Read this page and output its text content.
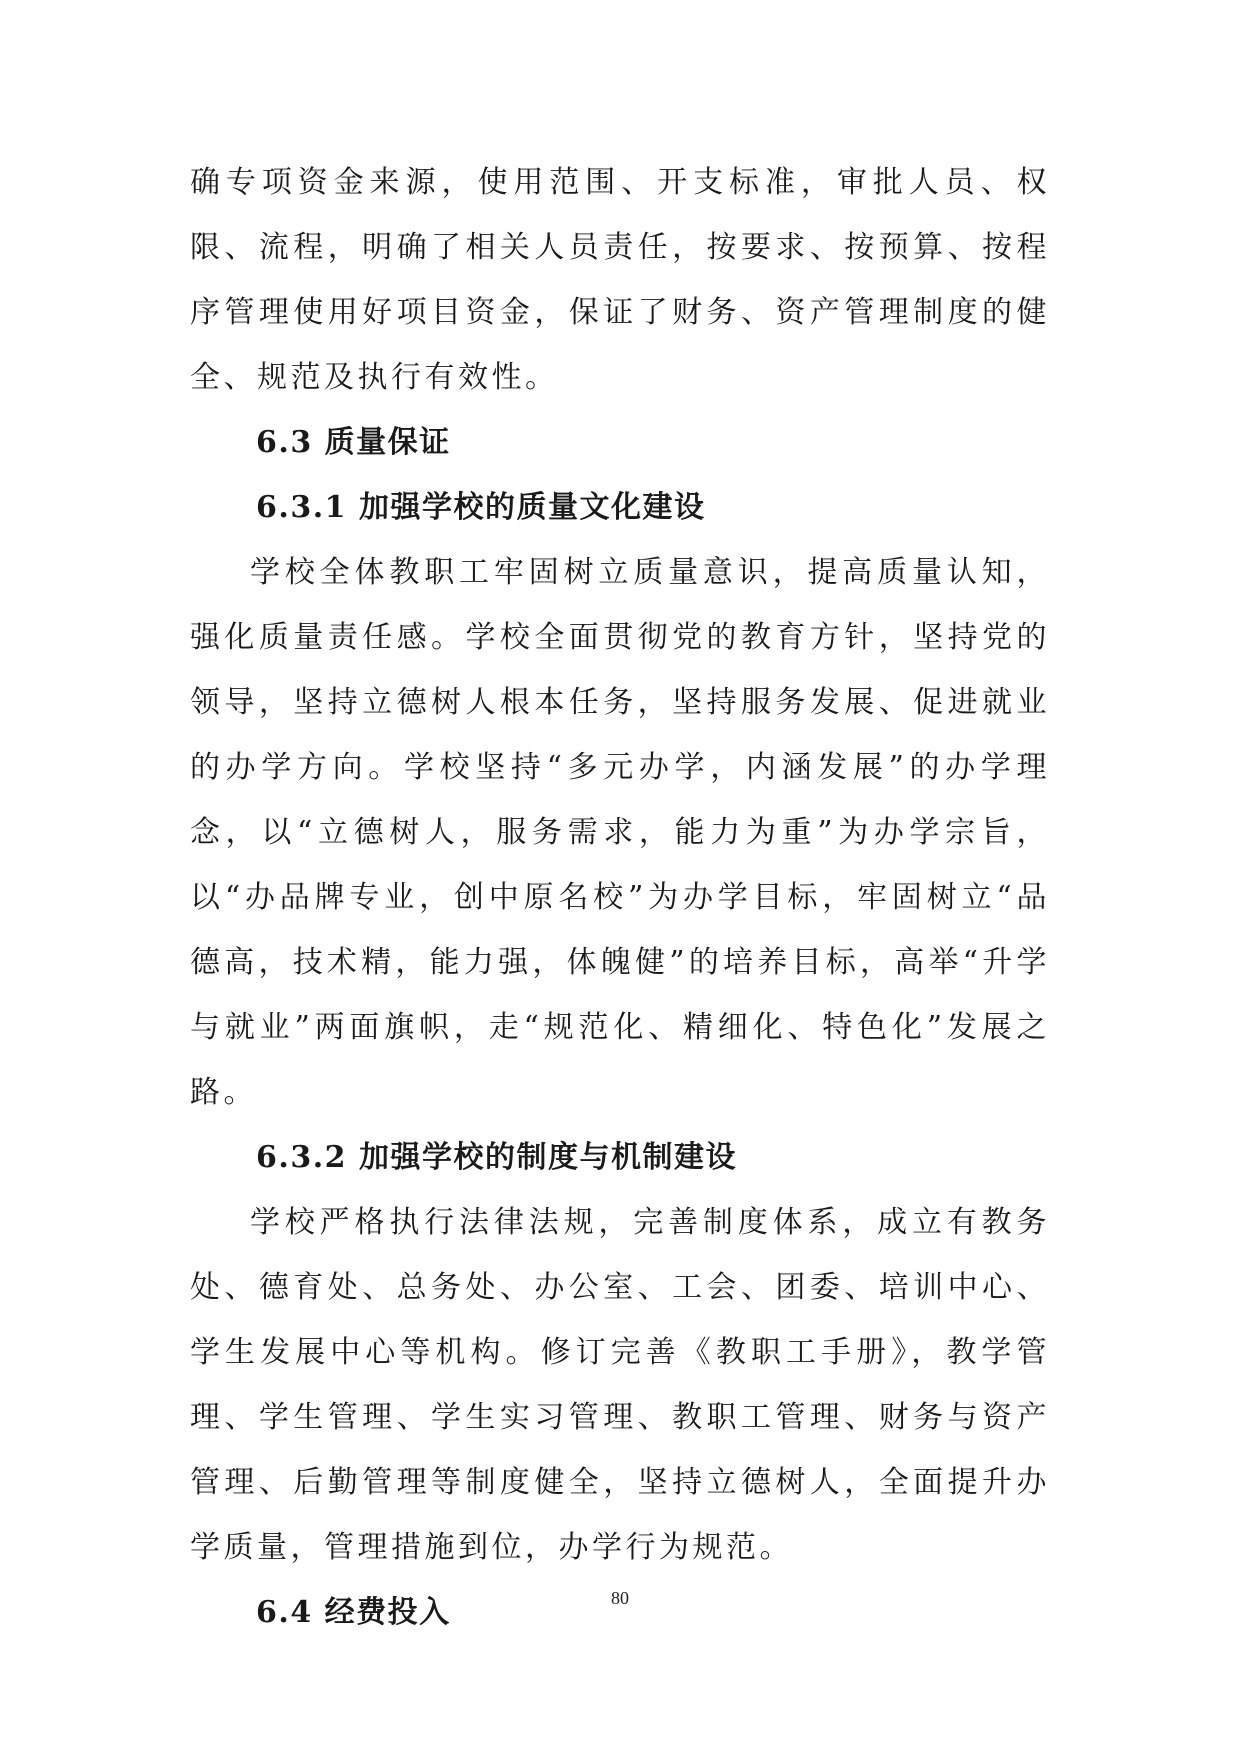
确专项资金来源，使用范围、开支标准，审批人员、权限、流程，明确了相关人员责任，按要求、按预算、按程序管理使用好项目资金，保证了财务、资产管理制度的健全、规范及执行有效性。

6.3 质量保证
6.3.1 加强学校的质量文化建设

学校全体教职工牢固树立质量意识，提高质量认知，强化质量责任感。学校全面贯彻党的教育方针，坚持党的领导，坚持立德树人根本任务，坚持服务发展、促进就业的办学方向。学校坚持“多元办学，内涵发展”的办学理念，以“立德树人，服务需求，能力为重”为办学宗旨，以“办品牌专业，创中原名校”为办学目标，牢固树立“品德高，技术精，能力强，体魄健”的培养目标，高举“升学与就业”两面旗帜，走“规范化、精细化、特色化”发展之路。

6.3.2 加强学校的制度与机制建设

学校严格执行法律法规，完善制度体系，成立有教务处、德育处、总务处、办公室、工会、团委、培训中心、学生发展中心等机构。修订完善《教职工手册》，教学管理、学生管理、学生实习管理、教职工管理、财务与资产管理、后勤管理等制度健全，坚持立德树人，全面提升办学质量，管理措施到位，办学行为规范。

6.4 经费投入	80
